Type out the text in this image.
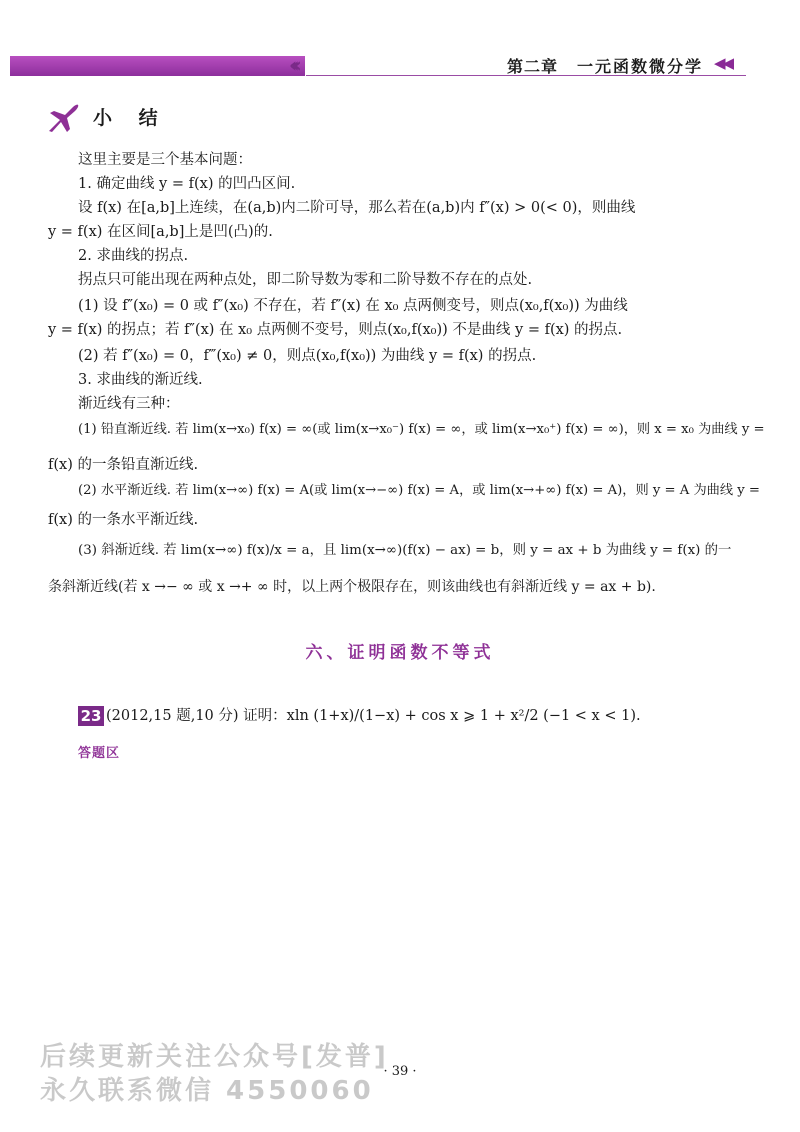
‹‹‹	第二章 一元函数微分学 ◀◀
小 结
这里主要是三个基本问题：
1. 确定曲线 y = f(x) 的凹凸区间.
设 f(x) 在[a,b]上连续，在(a,b)内二阶可导，那么若在(a,b)内 f″(x) > 0(< 0)，则曲线
y = f(x) 在区间[a,b]上是凹(凸)的.
2. 求曲线的拐点.
拐点只可能出现在两种点处，即二阶导数为零和二阶导数不存在的点处.
(1) 设 f″(x₀) = 0 或 f″(x₀) 不存在，若 f″(x) 在 x₀ 点两侧变号，则点(x₀,f(x₀)) 为曲线
y = f(x) 的拐点；若 f″(x) 在 x₀ 点两侧不变号，则点(x₀,f(x₀)) 不是曲线 y = f(x) 的拐点.
(2) 若 f″(x₀) = 0，f‴(x₀) ≠ 0，则点(x₀,f(x₀)) 为曲线 y = f(x) 的拐点.
3. 求曲线的渐近线.
渐近线有三种：
(1) 铅直渐近线. 若 lim(x→x₀) f(x) = ∞(或 lim(x→x₀⁻) f(x) = ∞，或 lim(x→x₀⁺) f(x) = ∞)，则 x = x₀ 为曲线 y =
f(x) 的一条铅直渐近线.
(2) 水平渐近线. 若 lim(x→∞) f(x) = A(或 lim(x→−∞) f(x) = A，或 lim(x→+∞) f(x) = A)，则 y = A 为曲线 y =
f(x) 的一条水平渐近线.
(3) 斜渐近线. 若 lim(x→∞) f(x)/x = a，且 lim(x→∞)(f(x) − ax) = b，则 y = ax + b 为曲线 y = f(x) 的一
条斜渐近线(若 x →− ∞ 或 x →+ ∞ 时，以上两个极限存在，则该曲线也有斜渐近线 y = ax + b).
六、证明函数不等式
23 (2012,15 题,10 分) 证明：xln (1+x)/(1−x) + cos x ⩾ 1 + x²/2 (−1 < x < 1).
答题区
后续更新关注公众号[发普]
· 39 ·
永久联系微信 4550060
